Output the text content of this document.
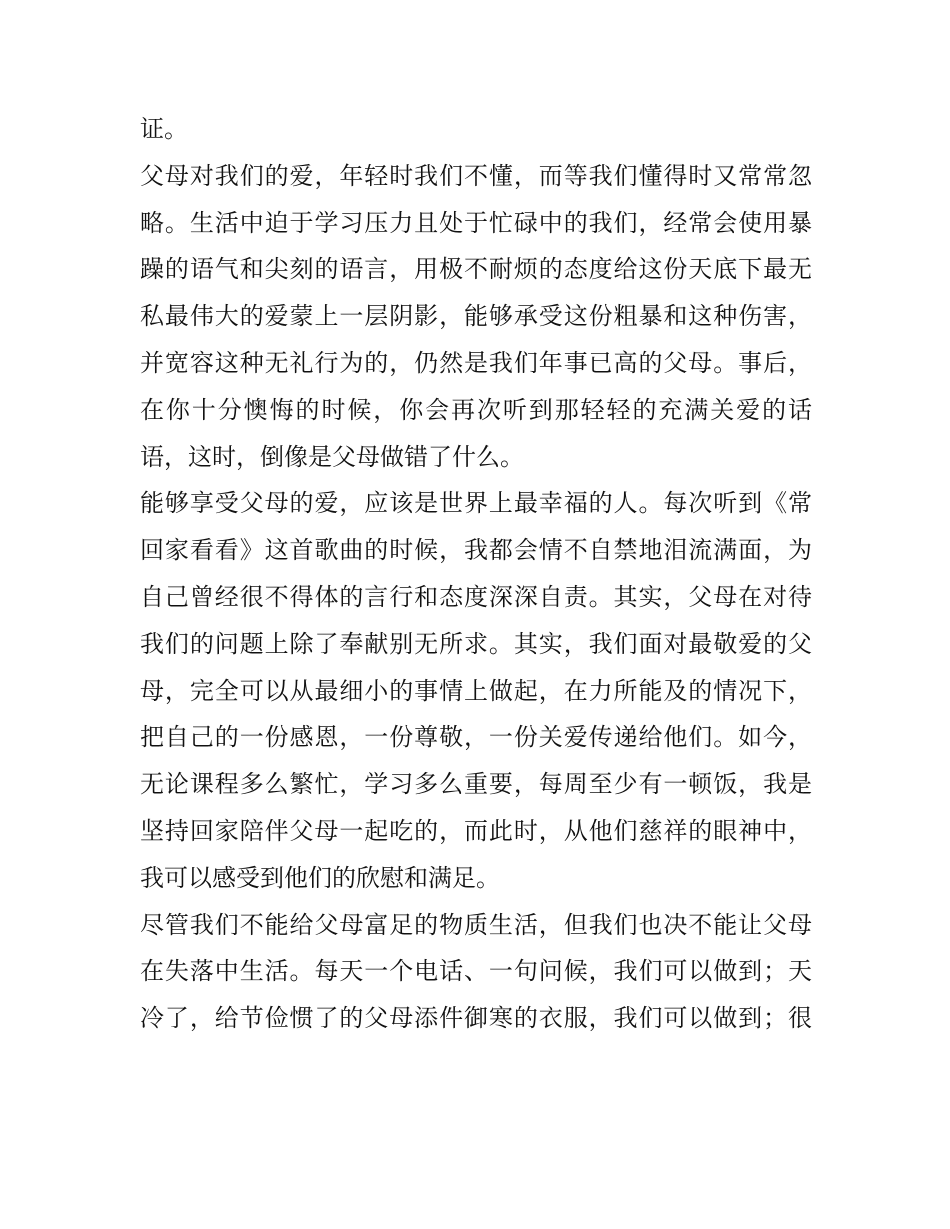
证。
父母对我们的爱，年轻时我们不懂，而等我们懂得时又常常忽
略。生活中迫于学习压力且处于忙碌中的我们，经常会使用暴
躁的语气和尖刻的语言，用极不耐烦的态度给这份天底下最无
私最伟大的爱蒙上一层阴影，能够承受这份粗暴和这种伤害，
并宽容这种无礼行为的，仍然是我们年事已高的父母。事后，
在你十分懊悔的时候，你会再次听到那轻轻的充满关爱的话
语，这时，倒像是父母做错了什么。
能够享受父母的爱，应该是世界上最幸福的人。每次听到《常
回家看看》这首歌曲的时候，我都会情不自禁地泪流满面，为
自己曾经很不得体的言行和态度深深自责。其实，父母在对待
我们的问题上除了奉献别无所求。其实，我们面对最敬爱的父
母，完全可以从最细小的事情上做起，在力所能及的情况下，
把自己的一份感恩，一份尊敬，一份关爱传递给他们。如今，
无论课程多么繁忙，学习多么重要，每周至少有一顿饭，我是
坚持回家陪伴父母一起吃的，而此时，从他们慈祥的眼神中，
我可以感受到他们的欣慰和满足。
尽管我们不能给父母富足的物质生活，但我们也决不能让父母
在失落中生活。每天一个电话、一句问候，我们可以做到；天
冷了，给节俭惯了的父母添件御寒的衣服，我们可以做到；很
